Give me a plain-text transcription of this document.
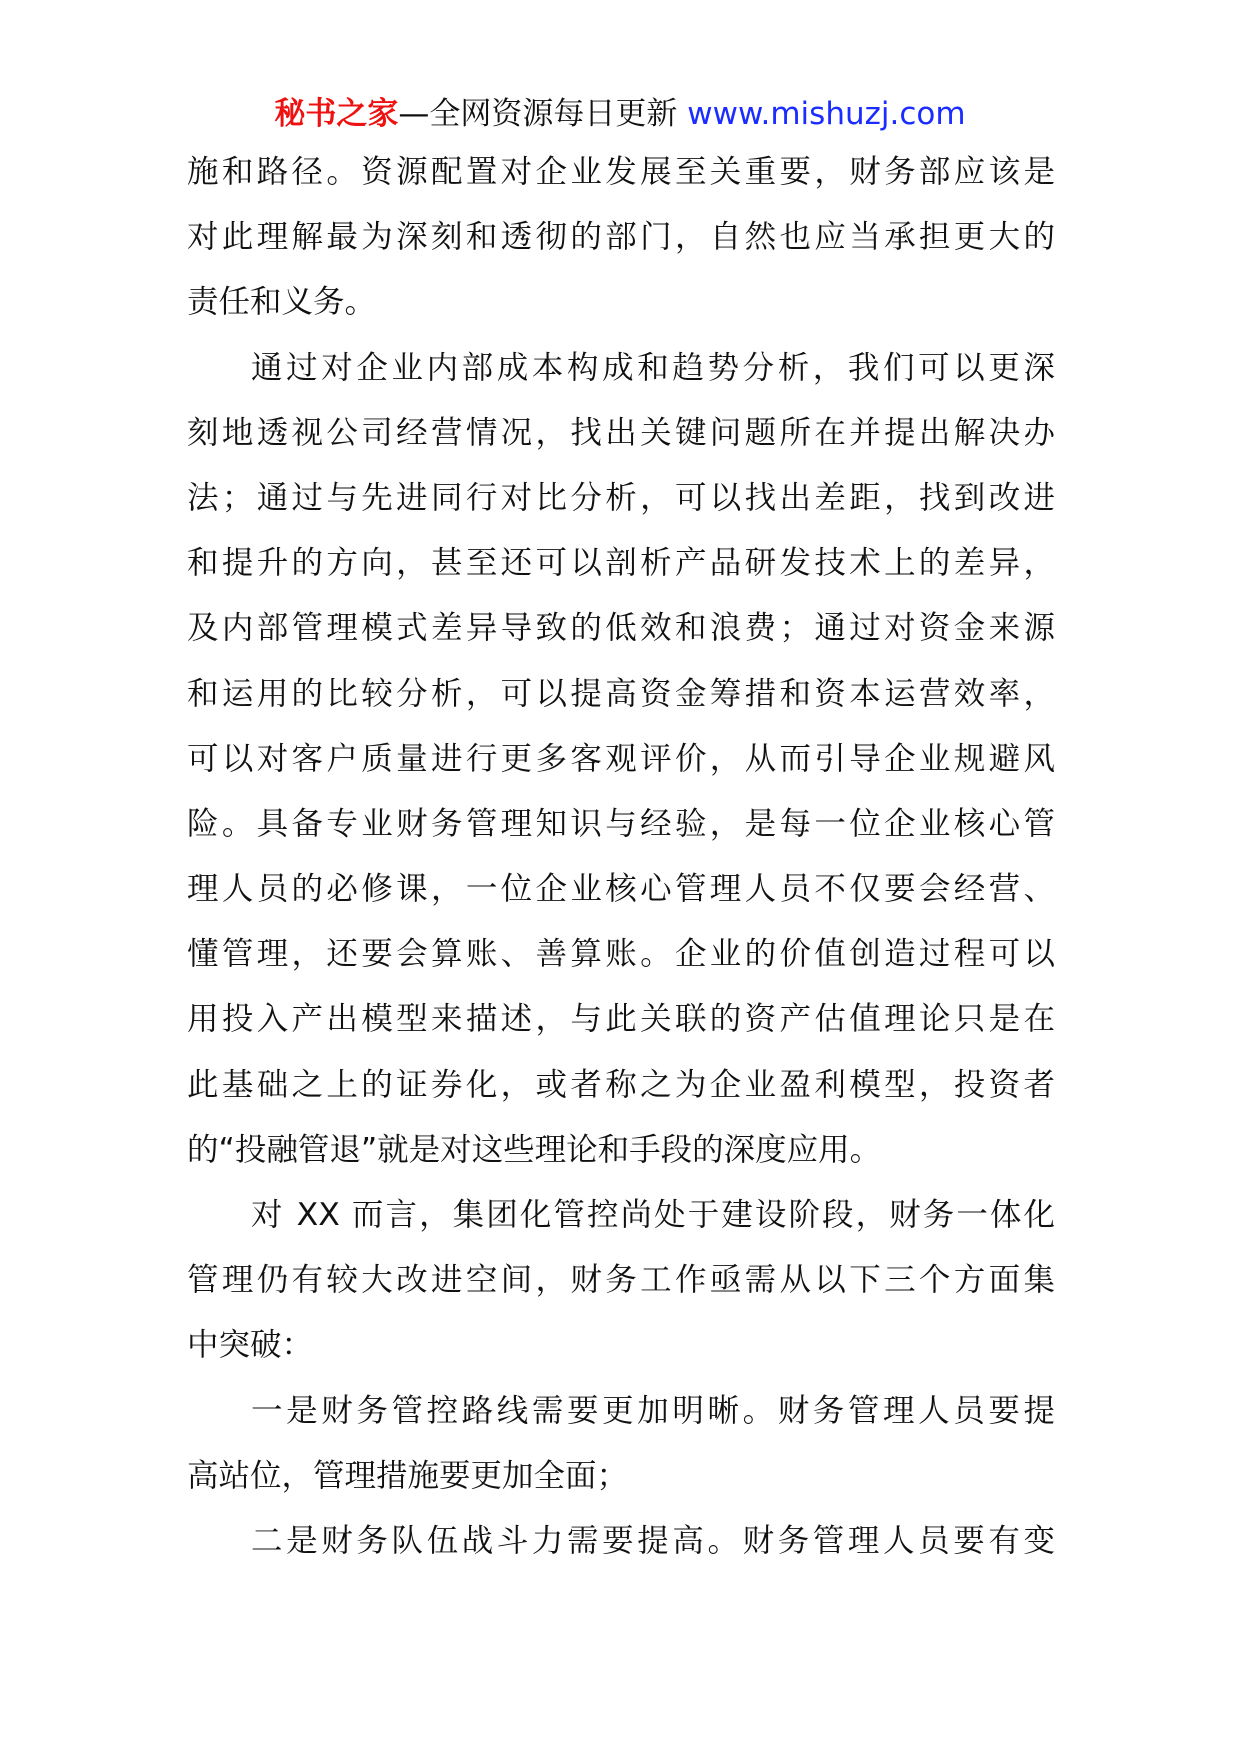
秘书之家—全网资源每日更新 www.mishuzj.com
施和路径。资源配置对企业发展至关重要，财务部应该是
对此理解最为深刻和透彻的部门，自然也应当承担更大的
责任和义务。
通过对企业内部成本构成和趋势分析，我们可以更深
刻地透视公司经营情况，找出关键问题所在并提出解决办
法；通过与先进同行对比分析，可以找出差距，找到改进
和提升的方向，甚至还可以剖析产品研发技术上的差异，
及内部管理模式差异导致的低效和浪费；通过对资金来源
和运用的比较分析，可以提高资金筹措和资本运营效率，
可以对客户质量进行更多客观评价，从而引导企业规避风
险。具备专业财务管理知识与经验，是每一位企业核心管
理人员的必修课，一位企业核心管理人员不仅要会经营、
懂管理，还要会算账、善算账。企业的价值创造过程可以
用投入产出模型来描述，与此关联的资产估值理论只是在
此基础之上的证券化，或者称之为企业盈利模型，投资者
的“投融管退”就是对这些理论和手段的深度应用。
对 XX 而言，集团化管控尚处于建设阶段，财务一体化
管理仍有较大改进空间，财务工作亟需从以下三个方面集
中突破：
一是财务管控路线需要更加明晰。财务管理人员要提
高站位，管理措施要更加全面；
二是财务队伍战斗力需要提高。财务管理人员要有变
